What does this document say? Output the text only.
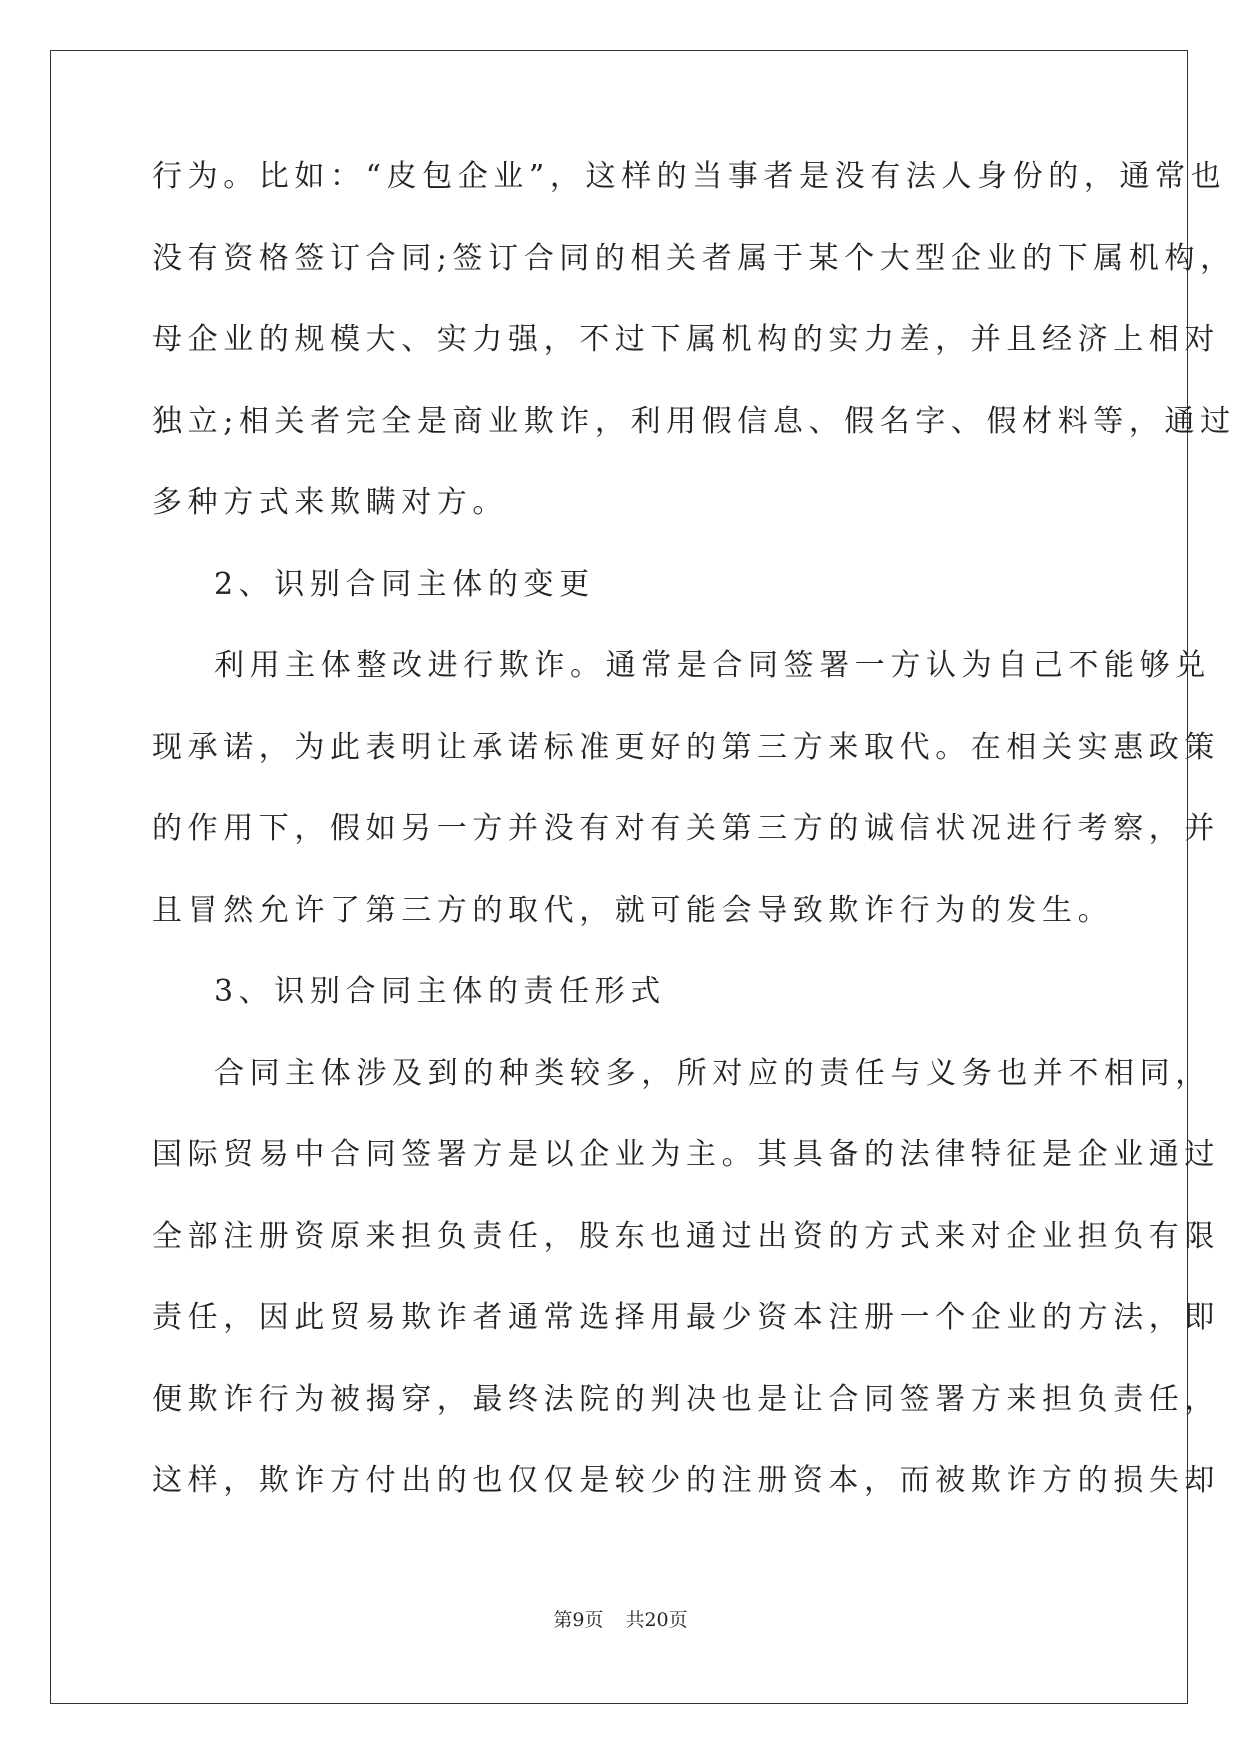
行为。比如：“皮包企业”，这样的当事者是没有法人身份的，通常也
没有资格签订合同;签订合同的相关者属于某个大型企业的下属机构，
母企业的规模大、实力强，不过下属机构的实力差，并且经济上相对
独立;相关者完全是商业欺诈，利用假信息、假名字、假材料等，通过
多种方式来欺瞒对方。
2、识别合同主体的变更
利用主体整改进行欺诈。通常是合同签署一方认为自己不能够兑
现承诺，为此表明让承诺标准更好的第三方来取代。在相关实惠政策
的作用下，假如另一方并没有对有关第三方的诚信状况进行考察，并
且冒然允许了第三方的取代，就可能会导致欺诈行为的发生。
3、识别合同主体的责任形式
合同主体涉及到的种类较多，所对应的责任与义务也并不相同，
国际贸易中合同签署方是以企业为主。其具备的法律特征是企业通过
全部注册资原来担负责任，股东也通过出资的方式来对企业担负有限
责任，因此贸易欺诈者通常选择用最少资本注册一个企业的方法，即
便欺诈行为被揭穿，最终法院的判决也是让合同签署方来担负责任，
这样，欺诈方付出的也仅仅是较少的注册资本，而被欺诈方的损失却
第9页 共20页
